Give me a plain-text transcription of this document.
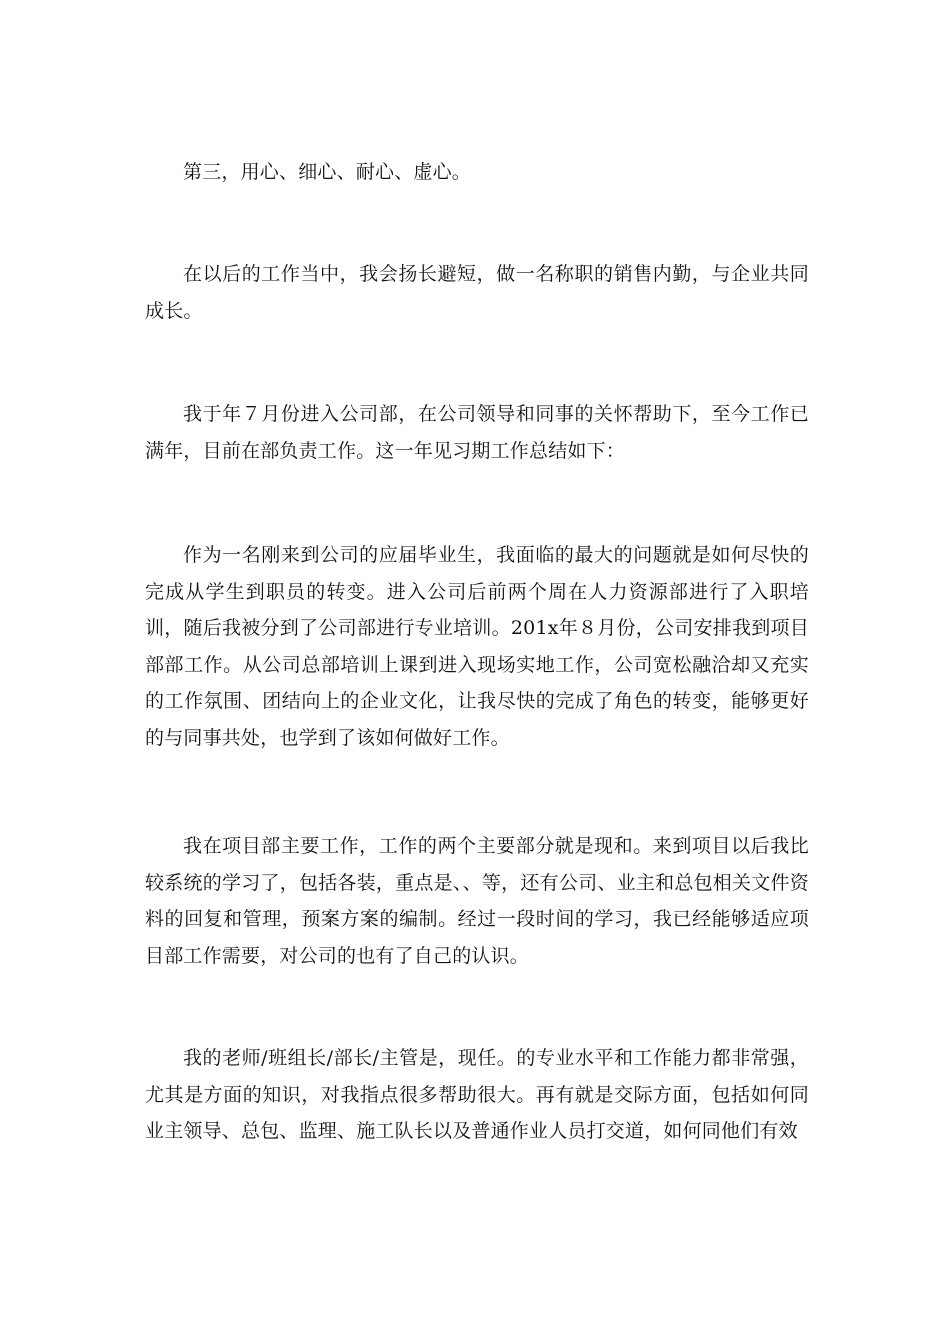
第三，用心、细心、耐心、虚心。

在以后的工作当中，我会扬长避短，做一名称职的销售内勤，与企业共同成长。

我于年７月份进入公司部，在公司领导和同事的关怀帮助下，至今工作已满年，目前在部负责工作。这一年见习期工作总结如下：

作为一名刚来到公司的应届毕业生，我面临的最大的问题就是如何尽快的完成从学生到职员的转变。进入公司后前两个周在人力资源部进行了入职培训，随后我被分到了公司部进行专业培训。201x年８月份，公司安排我到项目部部工作。从公司总部培训上课到进入现场实地工作，公司宽松融洽却又充实的工作氛围、团结向上的企业文化，让我尽快的完成了角色的转变，能够更好的与同事共处，也学到了该如何做好工作。

我在项目部主要工作，工作的两个主要部分就是现和。来到项目以后我比较系统的学习了，包括各装，重点是、、等，还有公司、业主和总包相关文件资料的回复和管理，预案方案的编制。经过一段时间的学习，我已经能够适应项目部工作需要，对公司的也有了自己的认识。

我的老师/班组长/部长/主管是，现任。的专业水平和工作能力都非常强，尤其是方面的知识，对我指点很多帮助很大。再有就是交际方面，包括如何同业主领导、总包、监理、施工队长以及普通作业人员打交道，如何同他们有效
